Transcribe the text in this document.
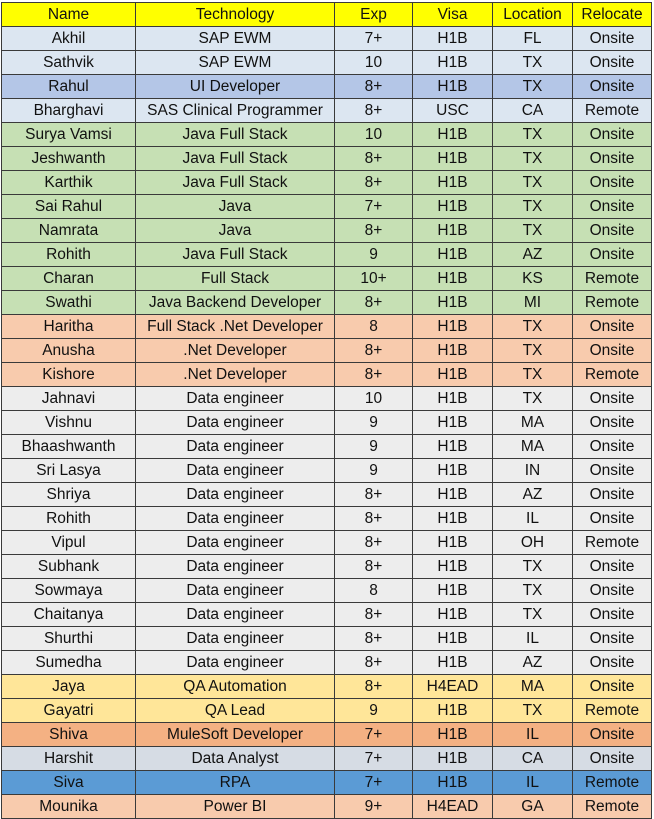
Name	Technology	Exp	Visa	Location	Relocate
Akhil	SAP EWM	7+	H1B	FL	Onsite
Sathvik	SAP EWM	10	H1B	TX	Onsite
Rahul	UI Developer	8+	H1B	TX	Onsite
Bharghavi	SAS Clinical Programmer	8+	USC	CA	Remote
Surya Vamsi	Java Full Stack	10	H1B	TX	Onsite
Jeshwanth	Java Full Stack	8+	H1B	TX	Onsite
Karthik	Java Full Stack	8+	H1B	TX	Onsite
Sai Rahul	Java	7+	H1B	TX	Onsite
Namrata	Java	8+	H1B	TX	Onsite
Rohith	Java Full Stack	9	H1B	AZ	Onsite
Charan	Full Stack	10+	H1B	KS	Remote
Swathi	Java Backend Developer	8+	H1B	MI	Remote
Haritha	Full Stack .Net Developer	8	H1B	TX	Onsite
Anusha	.Net Developer	8+	H1B	TX	Onsite
Kishore	.Net Developer	8+	H1B	TX	Remote
Jahnavi	Data engineer	10	H1B	TX	Onsite
Vishnu	Data engineer	9	H1B	MA	Onsite
Bhaashwanth	Data engineer	9	H1B	MA	Onsite
Sri Lasya	Data engineer	9	H1B	IN	Onsite
Shriya	Data engineer	8+	H1B	AZ	Onsite
Rohith	Data engineer	8+	H1B	IL	Onsite
Vipul	Data engineer	8+	H1B	OH	Remote
Subhank	Data engineer	8+	H1B	TX	Onsite
Sowmaya	Data engineer	8	H1B	TX	Onsite
Chaitanya	Data engineer	8+	H1B	TX	Onsite
Shurthi	Data engineer	8+	H1B	IL	Onsite
Sumedha	Data engineer	8+	H1B	AZ	Onsite
Jaya	QA Automation	8+	H4EAD	MA	Onsite
Gayatri	QA Lead	9	H1B	TX	Remote
Shiva	MuleSoft Developer	7+	H1B	IL	Onsite
Harshit	Data Analyst	7+	H1B	CA	Onsite
Siva	RPA	7+	H1B	IL	Remote
Mounika	Power BI	9+	H4EAD	GA	Remote
